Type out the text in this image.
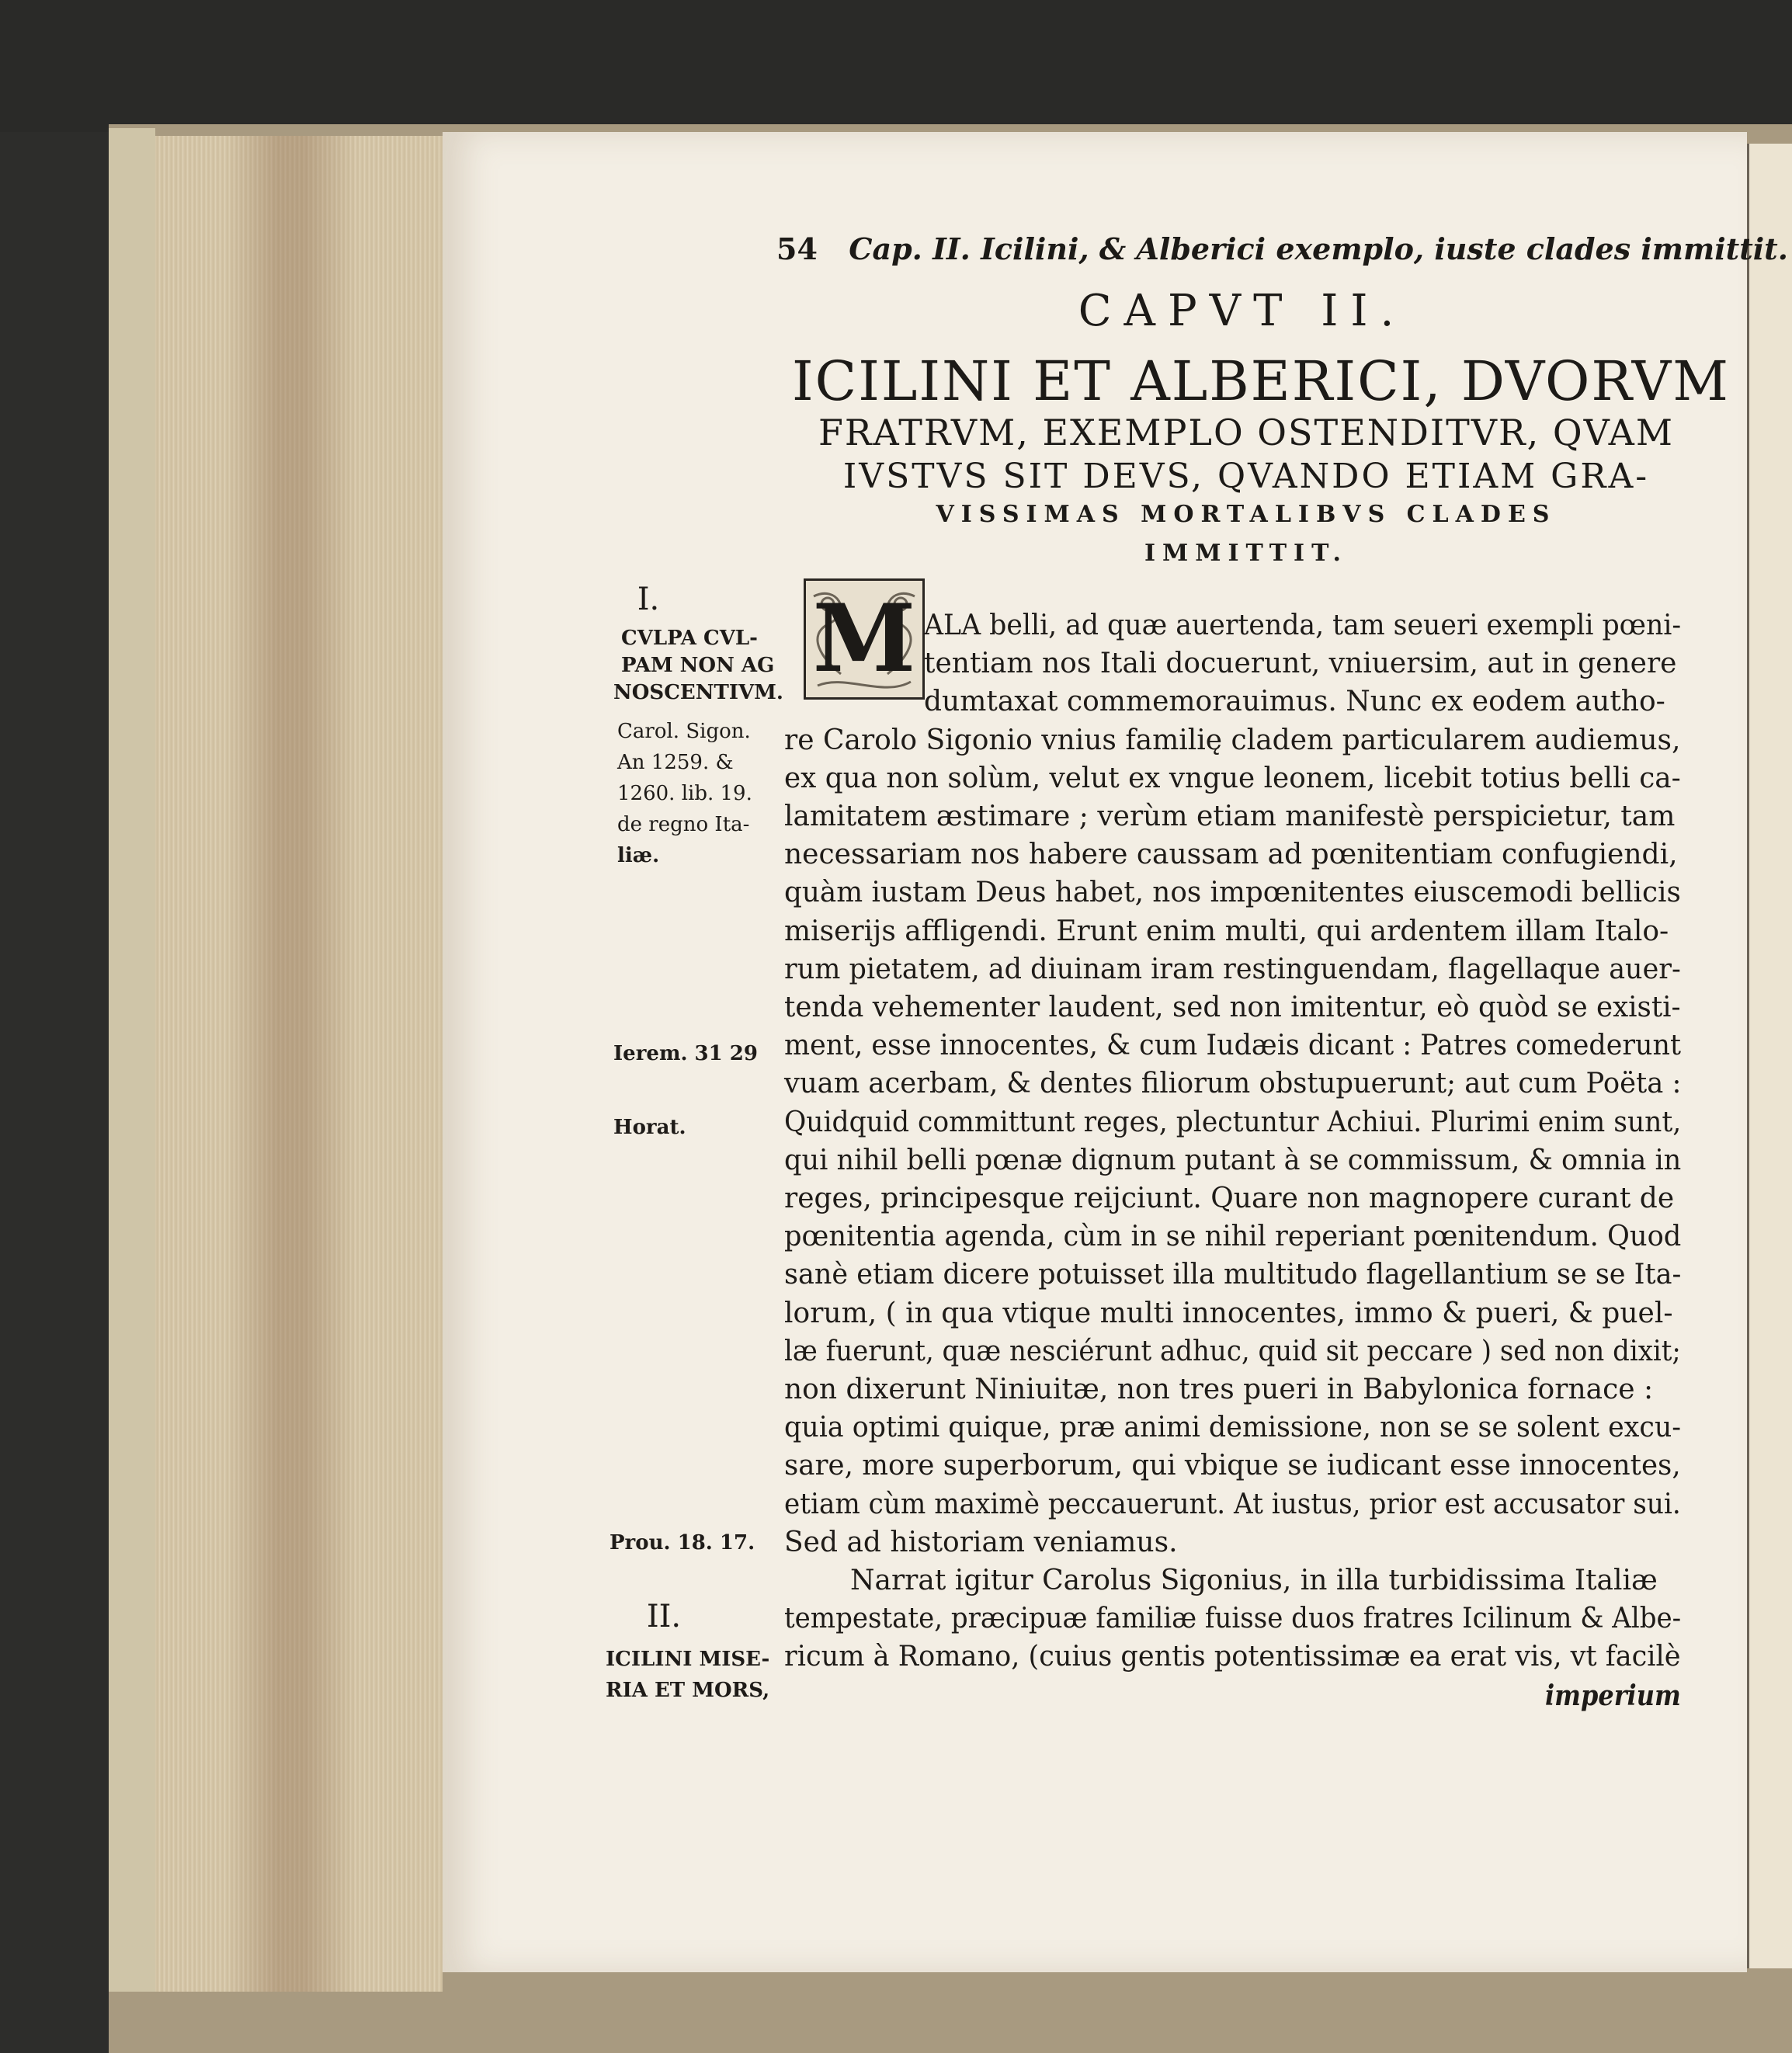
54 Cap. II. Icilini, & Alberici exemplo, iuste clades immittit.
CAPVT II.
ICILINI ET ALBERICI, DVORVM
FRATRVM, EXEMPLO OSTENDITVR, QVAM
IVSTVS SIT DEVS, QVANDO ETIAM GRA-
VISSIMAS MORTALIBVS CLADES
IMMITTIT.
M ALA belli, ad quæ auertenda, tam seueri exempli pœni-
tentiam nos Itali docuerunt, vniuersim, aut in genere
dumtaxat commemorauimus. Nunc ex eodem autho-
re Carolo Sigonio vnius familię cladem particularem audiemus,
ex qua non solùm, velut ex vngue leonem, licebit totius belli ca-
lamitatem æstimare ; verùm etiam manifestè perspicietur, tam
necessariam nos habere caussam ad pœnitentiam confugiendi,
quàm iustam Deus habet, nos impœnitentes eiuscemodi bellicis
miserijs affligendi. Erunt enim multi, qui ardentem illam Italo-
rum pietatem, ad diuinam iram restinguendam, flagellaque auer-
tenda vehementer laudent, sed non imitentur, eò quòd se existi-
ment, esse innocentes, & cum Iudæis dicant : Patres comederunt
vuam acerbam, & dentes filiorum obstupuerunt; aut cum Poëta :
Quidquid committunt reges, plectuntur Achiui. Plurimi enim sunt,
qui nihil belli pœnæ dignum putant à se commissum, & omnia in
reges, principesque reijciunt. Quare non magnopere curant de
pœnitentia agenda, cùm in se nihil reperiant pœnitendum. Quod
sanè etiam dicere potuisset illa multitudo flagellantium se se Ita-
lorum, ( in qua vtique multi innocentes, immo & pueri, & puel-
læ fuerunt, quæ nesciérunt adhuc, quid sit peccare ) sed non dixit;
non dixerunt Niniuitæ, non tres pueri in Babylonica fornace :
quia optimi quique, præ animi demissione, non se se solent excu-
sare, more superborum, qui vbique se iudicant esse innocentes,
etiam cùm maximè peccauerunt. At iustus, prior est accusator sui.
Sed ad historiam veniamus.
Narrat igitur Carolus Sigonius, in illa turbidissima Italiæ
tempestate, præcipuæ familiæ fuisse duos fratres Icilinum & Albe-
ricum à Romano, (cuius gentis potentissimæ ea erat vis, vt facilè
imperium
I.
CVLPA CVL-
PAM NON AG
NOSCENTIVM.
Carol. Sigon.
An 1259. &
1260. lib. 19.
de regno Ita-
liæ.
Ierem. 31 29
Horat.
Prou. 18. 17.
II.
ICILINI MISE-
RIA ET MORS,
